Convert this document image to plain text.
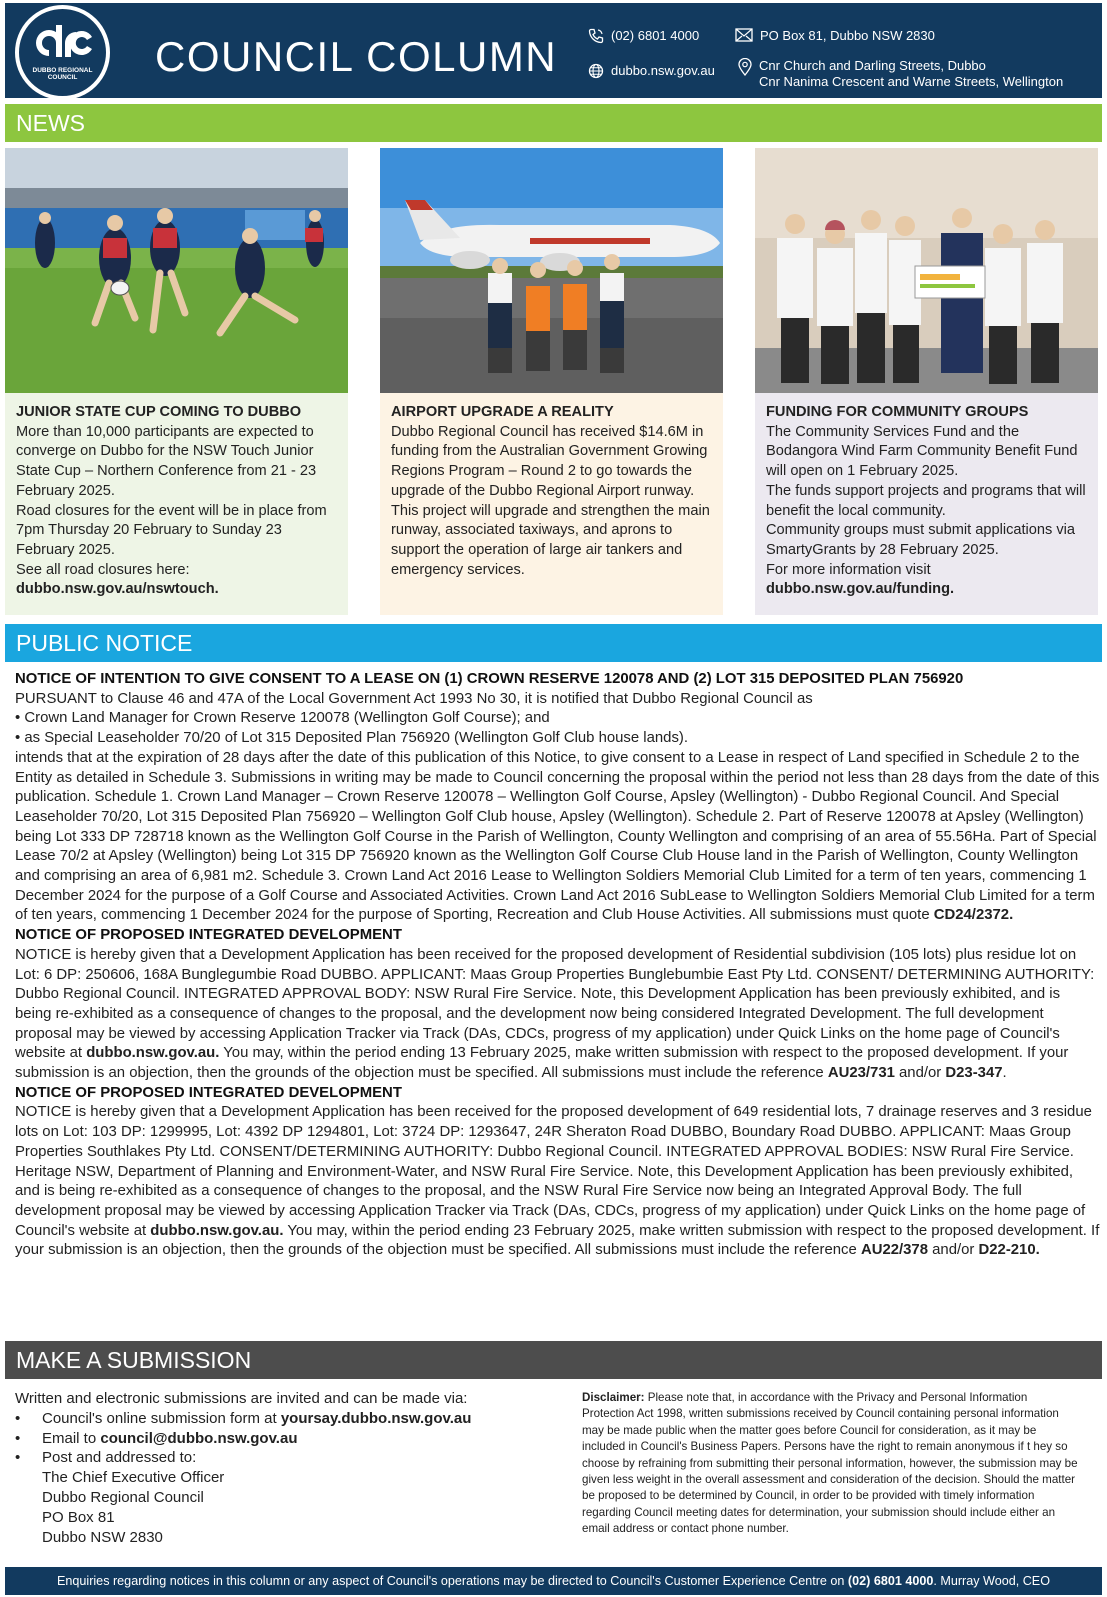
DUBBO REGIONAL
COUNCIL	COUNCIL COLUMN	(02) 6801 4000
dubbo.nsw.gov.au
PO Box 81, Dubbo NSW 2830
Cnr Church and Darling Streets, Dubbo
Cnr Nanima Crescent and Warne Streets, Wellington
NEWS
JUNIOR STATE CUP COMING TO DUBBO

More than 10,000 participants are expected to converge on Dubbo for the NSW Touch Junior State Cup – Northern Conference from 21 - 23 February 2025.

Road closures for the event will be in place from 7pm Thursday 20 February to Sunday 23 February 2025.

See all road closures here: dubbo.nsw.gov.au/nswtouch.

AIRPORT UPGRADE A REALITY

Dubbo Regional Council has received $14.6M in funding from the Australian Government Growing Regions Program – Round 2 to go towards the upgrade of the Dubbo Regional Airport runway.

This project will upgrade and strengthen the main runway, associated taxiways, and aprons to support the operation of large air tankers and emergency services.

FUNDING FOR COMMUNITY GROUPS

The Community Services Fund and the Bodangora Wind Farm Community Benefit Fund will open on 1 February 2025.

The funds support projects and programs that will benefit the local community.

Community groups must submit applications via SmartyGrants by 28 February 2025.

For more information visit dubbo.nsw.gov.au/funding.

PUBLIC NOTICE
NOTICE OF INTENTION TO GIVE CONSENT TO A LEASE ON (1) CROWN RESERVE 120078 AND (2) LOT 315 DEPOSITED PLAN 756920

PURSUANT to Clause 46 and 47A of the Local Government Act 1993 No 30, it is notified that Dubbo Regional Council as

• Crown Land Manager for Crown Reserve 120078 (Wellington Golf Course); and

• as Special Leaseholder 70/20 of Lot 315 Deposited Plan 756920 (Wellington Golf Club house lands).

intends that at the expiration of 28 days after the date of this publication of this Notice, to give consent to a Lease in respect of Land specified in Schedule 2 to the Entity as detailed in Schedule 3. Submissions in writing may be made to Council concerning the proposal within the period not less than 28 days from the date of this publication. Schedule 1. Crown Land Manager – Crown Reserve 120078 – Wellington Golf Course, Apsley (Wellington) - Dubbo Regional Council. And Special Leaseholder 70/20, Lot 315 Deposited Plan 756920 – Wellington Golf Club house, Apsley (Wellington). Schedule 2. Part of Reserve 120078 at Apsley (Wellington) being Lot 333 DP 728718 known as the Wellington Golf Course in the Parish of Wellington, County Wellington and comprising of an area of 55.56Ha. Part of Special Lease 70/2 at Apsley (Wellington) being Lot 315 DP 756920 known as the Wellington Golf Course Club House land in the Parish of Wellington, County Wellington and comprising an area of 6,981 m2. Schedule 3. Crown Land Act 2016 Lease to Wellington Soldiers Memorial Club Limited for a term of ten years, commencing 1 December 2024 for the purpose of a Golf Course and Associated Activities. Crown Land Act 2016 SubLease to Wellington Soldiers Memorial Club Limited for a term of ten years, commencing 1 December 2024 for the purpose of Sporting, Recreation and Club House Activities. All submissions must quote CD24/2372.

NOTICE OF PROPOSED INTEGRATED DEVELOPMENT

NOTICE is hereby given that a Development Application has been received for the proposed development of Residential subdivision (105 lots) plus residue lot on Lot: 6 DP: 250606, 168A Bunglegumbie Road DUBBO. APPLICANT: Maas Group Properties Bunglebumbie East Pty Ltd. CONSENT/ DETERMINING AUTHORITY: Dubbo Regional Council. INTEGRATED APPROVAL BODY: NSW Rural Fire Service. Note, this Development Application has been previously exhibited, and is being re-exhibited as a consequence of changes to the proposal, and the development now being considered Integrated Development. The full development proposal may be viewed by accessing Application Tracker via Track (DAs, CDCs, progress of my application) under Quick Links on the home page of Council's website at dubbo.nsw.gov.au. You may, within the period ending 13 February 2025, make written submission with respect to the proposed development. If your submission is an objection, then the grounds of the objection must be specified. All submissions must include the reference AU23/731 and/or D23-347.

NOTICE OF PROPOSED INTEGRATED DEVELOPMENT

NOTICE is hereby given that a Development Application has been received for the proposed development of 649 residential lots, 7 drainage reserves and 3 residue lots on Lot: 103 DP: 1299995, Lot: 4392 DP 1294801, Lot: 3724 DP: 1293647, 24R Sheraton Road DUBBO, Boundary Road DUBBO. APPLICANT: Maas Group Properties Southlakes Pty Ltd. CONSENT/DETERMINING AUTHORITY: Dubbo Regional Council. INTEGRATED APPROVAL BODIES: NSW Rural Fire Service. Heritage NSW, Department of Planning and Environment-Water, and NSW Rural Fire Service. Note, this Development Application has been previously exhibited, and is being re-exhibited as a consequence of changes to the proposal, and the NSW Rural Fire Service now being an Integrated Approval Body. The full development proposal may be viewed by accessing Application Tracker via Track (DAs, CDCs, progress of my application) under Quick Links on the home page of Council's website at dubbo.nsw.gov.au. You may, within the period ending 23 February 2025, make written submission with respect to the proposed development. If your submission is an objection, then the grounds of the objection must be specified. All submissions must include the reference AU22/378 and/or D22-210.

MAKE A SUBMISSION

Written and electronic submissions are invited and can be made via:

• Council's online submission form at yoursay.dubbo.nsw.gov.au
• Email to council@dubbo.nsw.gov.au
• Post and addressed to:
The Chief Executive Officer
Dubbo Regional Council
PO Box 81
Dubbo NSW 2830
Disclaimer: Please note that, in accordance with the Privacy and Personal Information Protection Act 1998, written submissions received by Council containing personal information may be made public when the matter goes before Council for consideration, as it may be included in Council's Business Papers. Persons have the right to remain anonymous if t hey so choose by refraining from submitting their personal information, however, the submission may be given less weight in the overall assessment and consideration of the decision. Should the matter be proposed to be determined by Council, in order to be provided with timely information regarding Council meeting dates for determination, your submission should include either an email address or contact phone number.
Enquiries regarding notices in this column or any aspect of Council's operations may be directed to Council's Customer Experience Centre on (02) 6801 4000. Murray Wood, CEO
